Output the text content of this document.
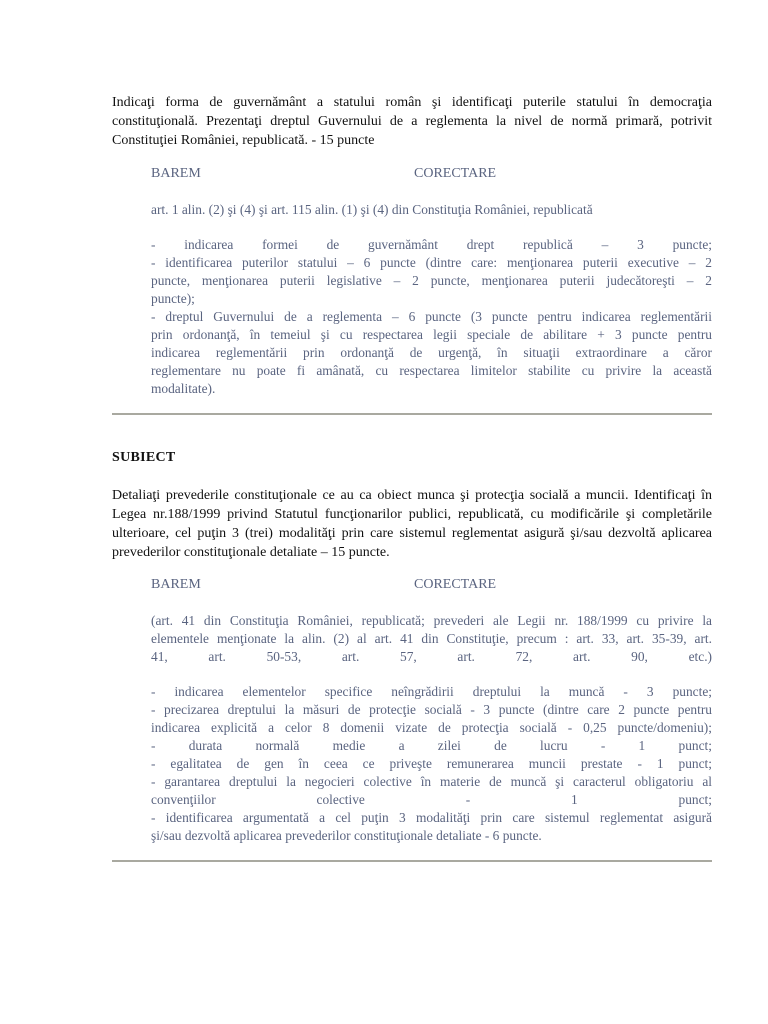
Indicaţi forma de guvernământ a statului român şi identificaţi puterile statului în democraţia constituţională. Prezentaţi dreptul Guvernului de a reglementa la nivel de normă primară, potrivit Constituţiei României, republicată. - 15 puncte

BAREM	CORECTARE
art. 1 alin. (2) şi (4) şi art. 115 alin. (1) şi (4) din Constituţia României, republicată
- indicarea formei de guvernământ drept republică – 3 puncte;
- identificarea puterilor statului – 6 puncte (dintre care: menţionarea puterii executive – 2
puncte, menţionarea puterii legislative – 2 puncte, menţionarea puterii judecătoreşti – 2
puncte);
- dreptul Guvernului de a reglementa – 6 puncte (3 puncte pentru indicarea reglementării
prin ordonanţă, în temeiul şi cu respectarea legii speciale de abilitare + 3 puncte pentru
indicarea reglementării prin ordonanţă de urgenţă, în situaţii extraordinare a căror
reglementare nu poate fi amânată, cu respectarea limitelor stabilite cu privire la această
modalitate).

SUBIECT

Detaliaţi prevederile constituţionale ce au ca obiect munca şi protecţia socială a muncii. Identificaţi în Legea nr.188/1999 privind Statutul funcţionarilor publici, republicată, cu modificările şi completările ulterioare, cel puţin 3 (trei) modalităţi prin care sistemul reglementat asigură şi/sau dezvoltă aplicarea prevederilor constituţionale detaliate – 15 puncte.

BAREM	CORECTARE
(art. 41 din Constituţia României, republicată; prevederi ale Legii nr. 188/1999 cu privire la
elementele menţionate la alin. (2) al art. 41 din Constituţie, precum : art. 33, art. 35-39, art.
41, art. 50-53, art. 57, art. 72, art. 90, etc.)
- indicarea elementelor specifice neîngrădirii dreptului la muncă - 3 puncte;
- precizarea dreptului la măsuri de protecţie socială - 3 puncte (dintre care 2 puncte pentru
indicarea explicită a celor 8 domenii vizate de protecţia socială - 0,25 puncte/domeniu);
- durata normală medie a zilei de lucru - 1 punct;
- egalitatea de gen în ceea ce priveşte remunerarea muncii prestate - 1 punct;
- garantarea dreptului la negocieri colective în materie de muncă şi caracterul obligatoriu al
convenţiilor colective - 1 punct;
- identificarea argumentată a cel puţin 3 modalităţi prin care sistemul reglementat asigură
şi/sau dezvoltă aplicarea prevederilor constituţionale detaliate - 6 puncte.
